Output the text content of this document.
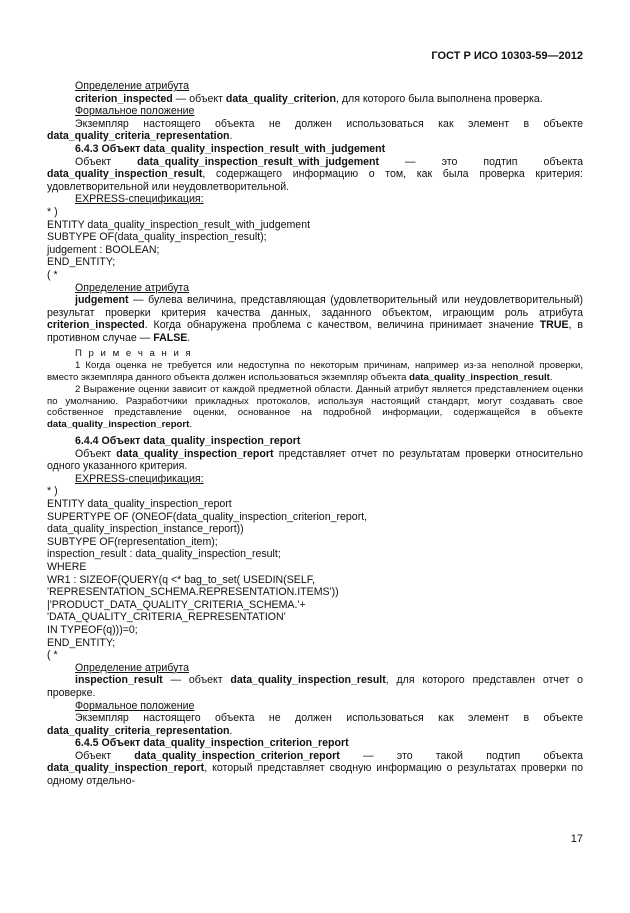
ГОСТ Р ИСО 10303-59—2012

Определение атрибута

criterion_inspected — объект data_quality_criterion, для которого была выполнена проверка.

Формальное положение

Экземпляр настоящего объекта не должен использоваться как элемент в объекте data_quality_criteria_representation.

6.4.3 Объект data_quality_inspection_result_with_judgement

Объект data_quality_inspection_result_with_judgement — это подтип объекта data_quality_inspection_result, содержащего информацию о том, как была проверка критерия: удовлетворительной или неудовлетворительной.

EXPRESS-спецификация:

* )
ENTITY data_quality_inspection_result_with_judgement
SUBTYPE OF(data_quality_inspection_result);
judgement : BOOLEAN;
END_ENTITY;
( *

Определение атрибута

judgement — булева величина, представляющая (удовлетворительный или неудовлетворительный) результат проверки критерия качества данных, заданного объектом, играющим роль атрибута criterion_inspected. Когда обнаружена проблема с качеством, величина принимает значение TRUE, в противном случае — FALSE.

П р и м е ч а н и я

1 Когда оценка не требуется или недоступна по некоторым причинам, например из-за неполной проверки, вместо экземпляра данного объекта должен использоваться экземпляр объекта data_quality_inspection_result.

2 Выражение оценки зависит от каждой предметной области. Данный атрибут является представлением оценки по умолчанию. Разработчики прикладных протоколов, используя настоящий стандарт, могут создавать свое собственное представление оценки, основанное на подробной информации, содержащейся в объекте data_quality_inspection_report.

6.4.4 Объект data_quality_inspection_report

Объект data_quality_inspection_report представляет отчет по результатам проверки относительно одного указанного критерия.

EXPRESS-спецификация:

* )
ENTITY data_quality_inspection_report
SUPERTYPE OF (ONEOF(data_quality_inspection_criterion_report,
data_quality_inspection_instance_report))
SUBTYPE OF(representation_item);
inspection_result : data_quality_inspection_result;
WHERE
WR1 : SIZEOF(QUERY(q <* bag_to_set( USEDIN(SELF,
'REPRESENTATION_SCHEMA.REPRESENTATION.ITEMS'))
|'PRODUCT_DATA_QUALITY_CRITERIA_SCHEMA.'+
'DATA_QUALITY_CRITERIA_REPRESENTATION'
IN TYPEOF(q)))=0;
END_ENTITY;
( *

Определение атрибута

inspection_result — объект data_quality_inspection_result, для которого представлен отчет о проверке.

Формальное положение

Экземпляр настоящего объекта не должен использоваться как элемент в объекте data_quality_criteria_representation.

6.4.5 Объект data_quality_inspection_criterion_report

Объект data_quality_inspection_criterion_report — это такой подтип объекта data_quality_inspection_report, который представляет сводную информацию о результатах проверки по одному отдельно-

17
